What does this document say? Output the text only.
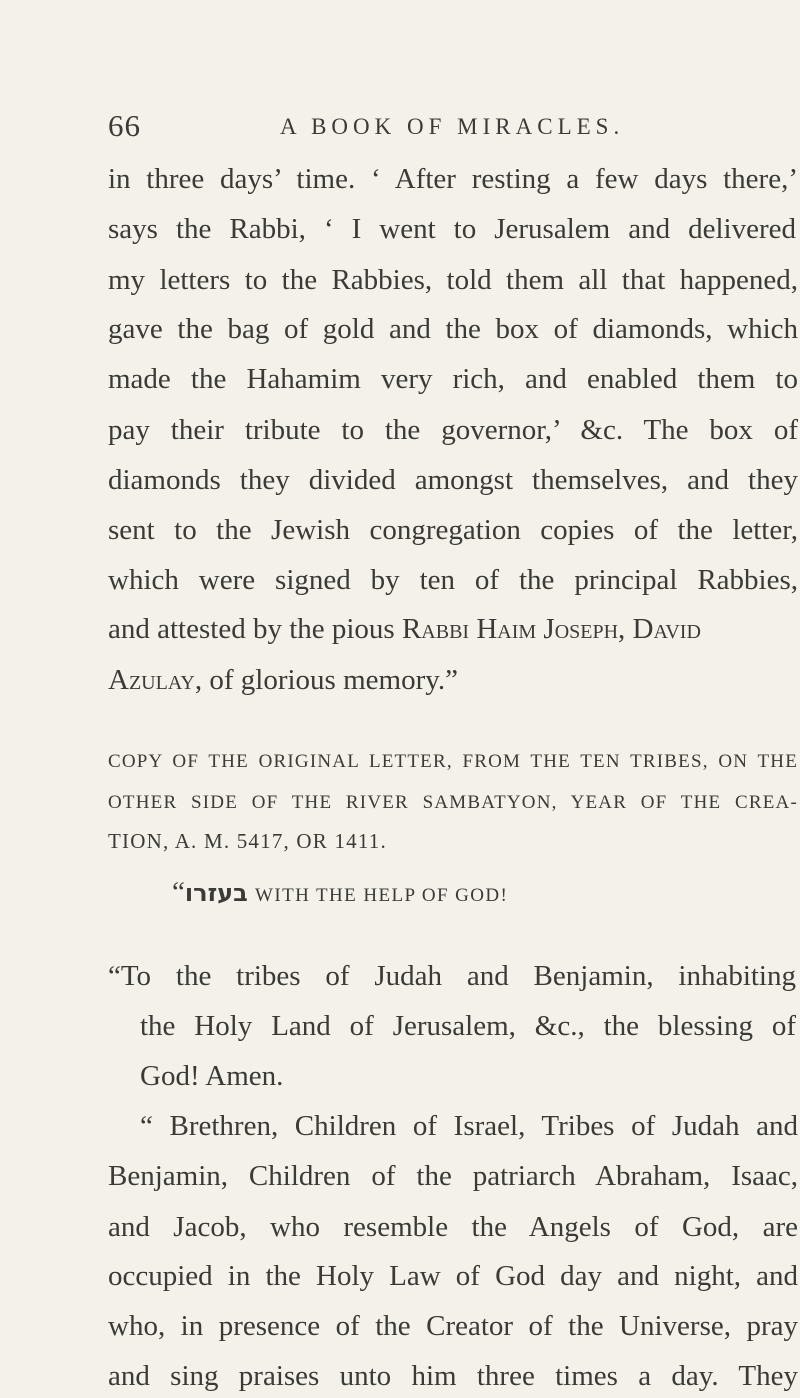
66	A BOOK OF MIRACLES.
in three days’ time. ‘ After resting a few days there,’
says the Rabbi, ‘ I went to Jerusalem and delivered
my letters to the Rabbies, told them all that happened,
gave the bag of gold and the box of diamonds, which
made the Hahamim very rich, and enabled them to
pay their tribute to the governor,’ &c. The box of
diamonds they divided amongst themselves, and they
sent to the Jewish congregation copies of the letter,
which were signed by ten of the principal Rabbies,
and attested by the pious Rabbi Haim Joseph, David
Azulay, of glorious memory.”
COPY OF THE ORIGINAL LETTER, FROM THE TEN TRIBES, ON THE
OTHER SIDE OF THE RIVER SAMBATYON, YEAR OF THE CREA-
TION, A. M. 5417, OR 1411.
“בעזרו WITH THE HELP OF GOD!
“To the tribes of Judah and Benjamin, inhabiting
the Holy Land of Jerusalem, &c., the blessing of
God! Amen.
“ Brethren, Children of Israel, Tribes of Judah and
Benjamin, Children of the patriarch Abraham, Isaac,
and Jacob, who resemble the Angels of God, are
occupied in the Holy Law of God day and night, and
who, in presence of the Creator of the Universe, pray
and sing praises unto him three times a day. They
